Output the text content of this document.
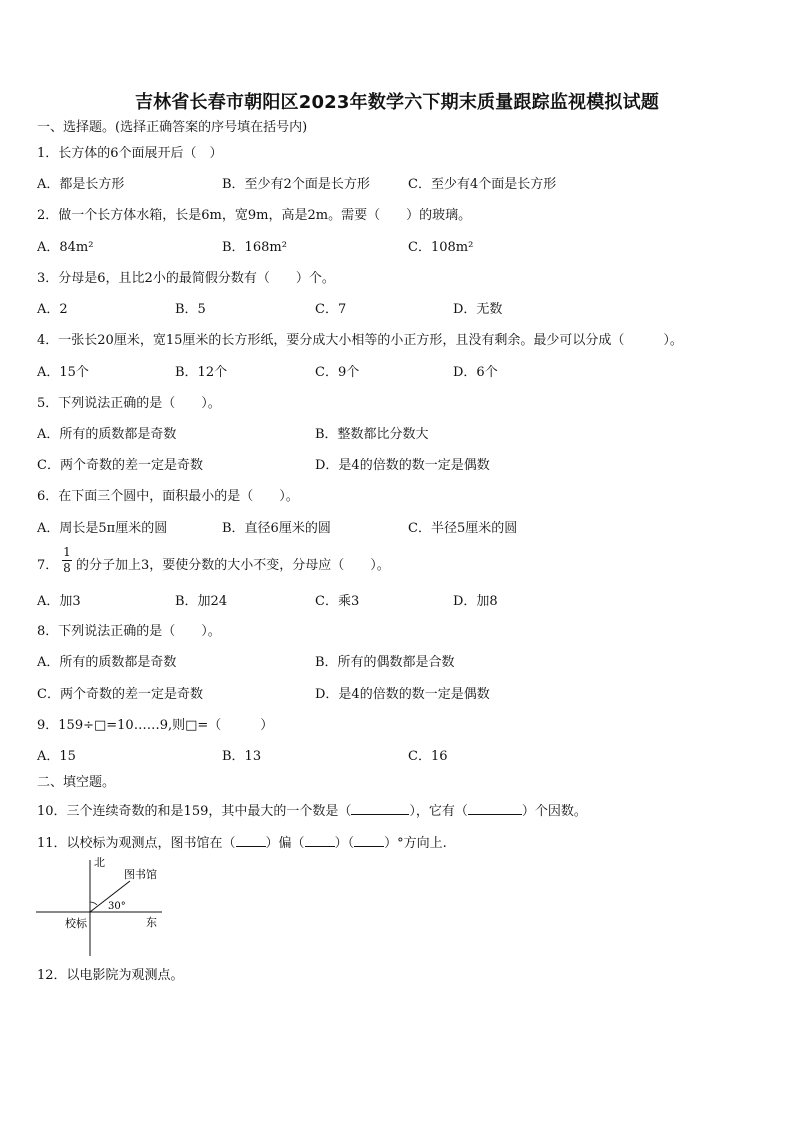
吉林省长春市朝阳区2023年数学六下期末质量跟踪监视模拟试题
一、选择题。(选择正确答案的序号填在括号内)
1．长方体的6个面展开后（　）
A．都是长方形	B．至少有2个面是长方形	C．至少有4个面是长方形
2．做一个长方体水箱，长是6m，宽9m，高是2m。需要（　　）的玻璃。
A．84m²	B．168m²	C．108m²
3．分母是6，且比2小的最简假分数有（　　）个。
A．2	B．5	C．7	D．无数
4．一张长20厘米，宽15厘米的长方形纸，要分成大小相等的小正方形，且没有剩余。最少可以分成（　　　）。
A．15个	B．12个	C．9个	D．6个
5．下列说法正确的是（　　）。
A．所有的质数都是奇数	B．整数都比分数大
C．两个奇数的差一定是奇数	D．是4的倍数的数一定是偶数
6．在下面三个圆中，面积最小的是（　　）。
A．周长是5π厘米的圆	B．直径6厘米的圆	C．半径5厘米的圆
7．
1
8 的分子加上3，要使分数的大小不变，分母应（　　）。
A．加3	B．加24	C．乘3	D．加8
8．下列说法正确的是（　　）。
A．所有的质数都是奇数	B．所有的偶数都是合数
C．两个奇数的差一定是奇数	D．是4的倍数的数一定是偶数
9．159÷□=10……9,则□=（　　　）
A．15	B．13	C．16
二、填空题。
10．三个连续奇数的和是159，其中最大的一个数是（	），它有（	）个因数。
11．以校标为观测点，图书馆在（ ）偏（ ）（ ）°方向上.
北
东
校标
图书馆
30°
12．以电影院为观测点。
